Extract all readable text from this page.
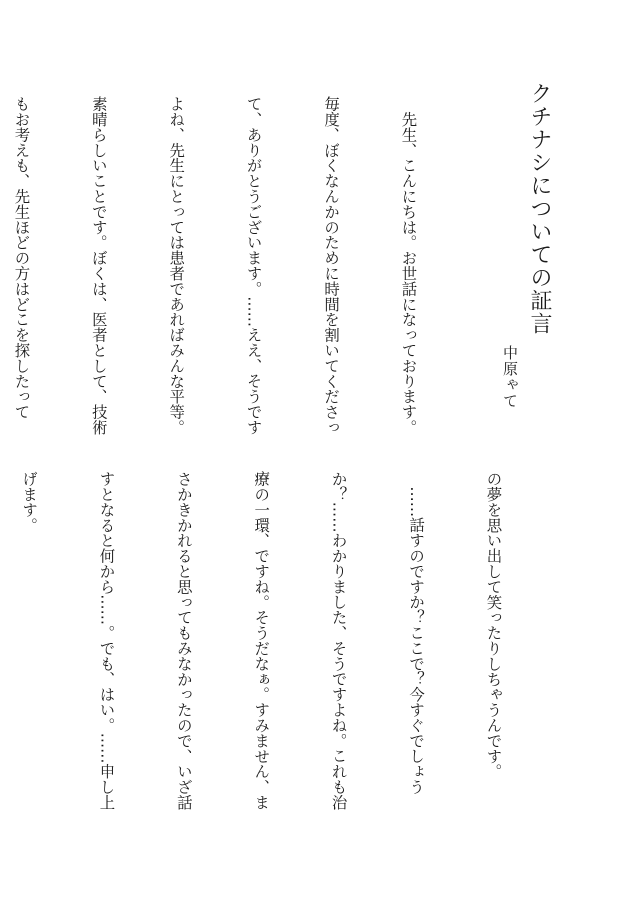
クチナシについての証言
中原ゃて

　先生、こんにちは。お世話になっております。

毎度、ぼくなんかのために時間を割いてくださっ

て、ありがとうございます。……ええ、そうです

よね、先生にとっては患者であればみんな平等。

素晴らしいことです。ぼくは、医者として、技術

もお考えも、先生ほどの方はどこを探したって

の夢を思い出して笑ったりしちゃうんです。

　……話すのですか？ここで？今すぐでしょう

か？……わかりました、そうですよね。これも治

療の一環、ですね。そうだなぁ。すみません、ま

さかきかれると思ってもみなかったので、いざ話

すとなると何から……。でも、はい。……申し上

げます。
